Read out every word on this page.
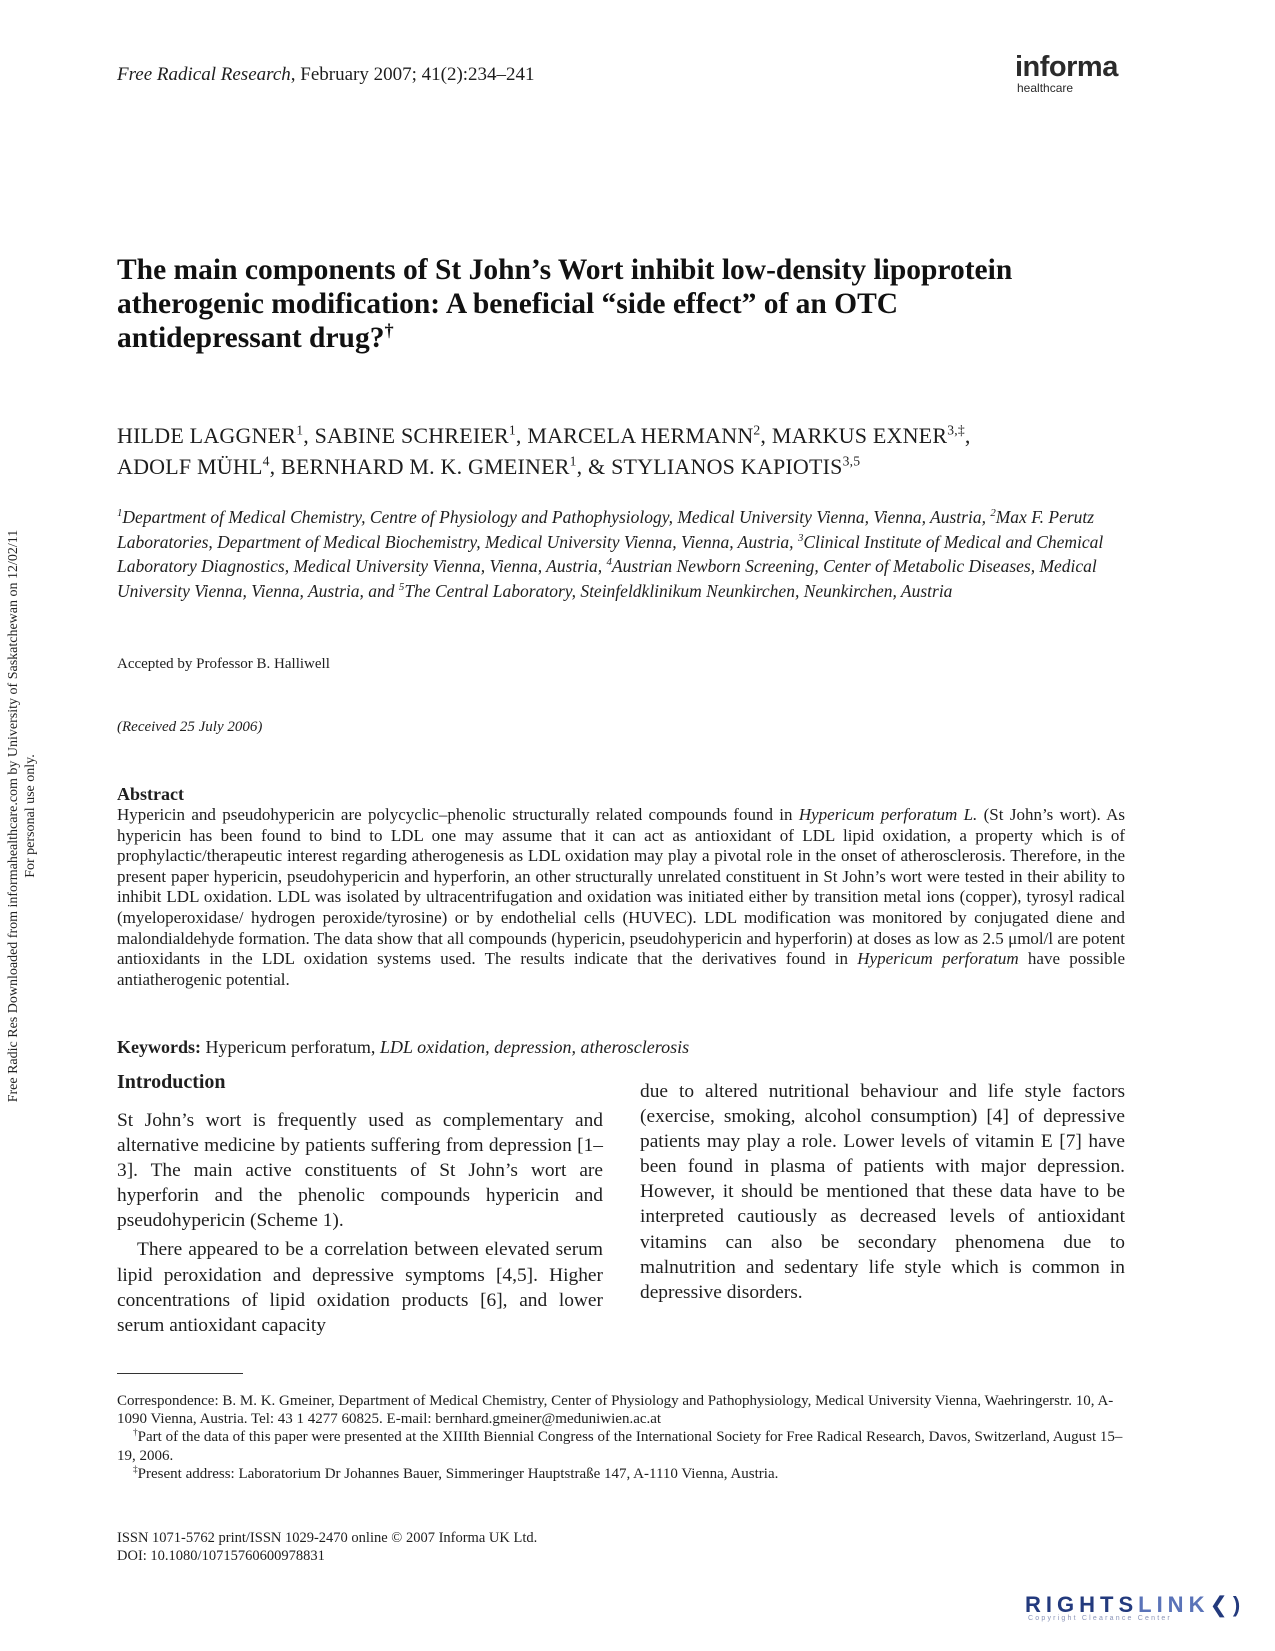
Free Radical Research, February 2007; 41(2):234–241	informa
healthcare
The main components of St John’s Wort inhibit low-density lipoprotein
atherogenic modification: A beneficial “side effect” of an OTC
antidepressant drug?†
HILDE LAGGNER$^1$, SABINE SCHREIER$^1$, MARCELA HERMANN$^2$, MARKUS $EXNER^{3,\ddagger}$,
ADOLF MÜHL$^4$, BERNHARD M. K. GMEINER$^1$, & STYLIANOS KAPIOTIS$^{3,5}$
$^1$Department of Medical Chemistry, Centre of Physiology and Pathophysiology, Medical University Vienna, Vienna, Austria, $^2$Max F. Perutz Laboratories, Department of Medical Biochemistry, Medical University Vienna, Vienna, Austria, $^3$Clinical Institute of Medical and Chemical Laboratory Diagnostics, Medical University Vienna, Vienna, Austria, $^4$Austrian Newborn Screening, Center of Metabolic Diseases, Medical University Vienna, Vienna, Austria, and $^5$The Central Laboratory, Steinfeldklinikum Neunkirchen, Neunkirchen, Austria
Accepted by Professor B. Halliwell
(Received 25 July 2006)
Abstract
Hypericin and pseudohypericin are polycyclic–phenolic structurally related compounds found in Hypericum perforatum L. (St John’s wort). As hypericin has been found to bind to LDL one may assume that it can act as antioxidant of LDL lipid oxidation, a property which is of prophylactic/therapeutic interest regarding atherogenesis as LDL oxidation may play a pivotal role in the onset of atherosclerosis. Therefore, in the present paper hypericin, pseudohypericin and hyperforin, an other structurally unrelated constituent in St John’s wort were tested in their ability to inhibit LDL oxidation. LDL was isolated by ultracentrifugation and oxidation was initiated either by transition metal ions (copper), tyrosyl radical (myeloperoxidase/ hydrogen peroxide/tyrosine) or by endothelial cells (HUVEC). LDL modification was monitored by conjugated diene and malondialdehyde formation. The data show that all compounds (hypericin, pseudohypericin and hyperforin) at doses as low as 2.5 μmol/l are potent antioxidants in the LDL oxidation systems used. The results indicate that the derivatives found in Hypericum perforatum have possible antiatherogenic potential.
Keywords: Hypericum perforatum, LDL oxidation, depression, atherosclerosis
Introduction

St John’s wort is frequently used as complementary and alternative medicine by patients suffering from depression [1–3]. The main active constituents of St John’s wort are hyperforin and the phenolic compounds hypericin and pseudohypericin (Scheme 1).

There appeared to be a correlation between elevated serum lipid peroxidation and depressive symptoms [4,5]. Higher concentrations of lipid oxidation products [6], and lower serum antioxidant capacity

due to altered nutritional behaviour and life style factors (exercise, smoking, alcohol consumption) [4] of depressive patients may play a role. Lower levels of vitamin E [7] have been found in plasma of patients with major depression. However, it should be mentioned that these data have to be interpreted cautiously as decreased levels of antioxidant vitamins can also be secondary phenomena due to malnutrition and sedentary life style which is common in depressive disorders.

Correspondence: B. M. K. Gmeiner, Department of Medical Chemistry, Center of Physiology and Pathophysiology, Medical University Vienna, Waehringerstr. 10, A-1090 Vienna, Austria. Tel: 43 1 4277 60825. E-mail: bernhard.gmeiner@meduniwien.ac.at

†Part of the data of this paper were presented at the XIIIth Biennial Congress of the International Society for Free Radical Research, Davos, Switzerland, August 15–19, 2006.

‡Present address: Laboratorium Dr Johannes Bauer, Simmeringer Hauptstraße 147, A-1110 Vienna, Austria.

ISSN 1071-5762 print/ISSN 1029-2470 online © 2007 Informa UK Ltd.
DOI: 10.1080/10715760600978831
Free Radic Res Downloaded from informahealthcare.com by University of Saskatchewan on 12/02/11 For personal use only.
RIGHTSLINK❮)
Copyright Clearance Center
